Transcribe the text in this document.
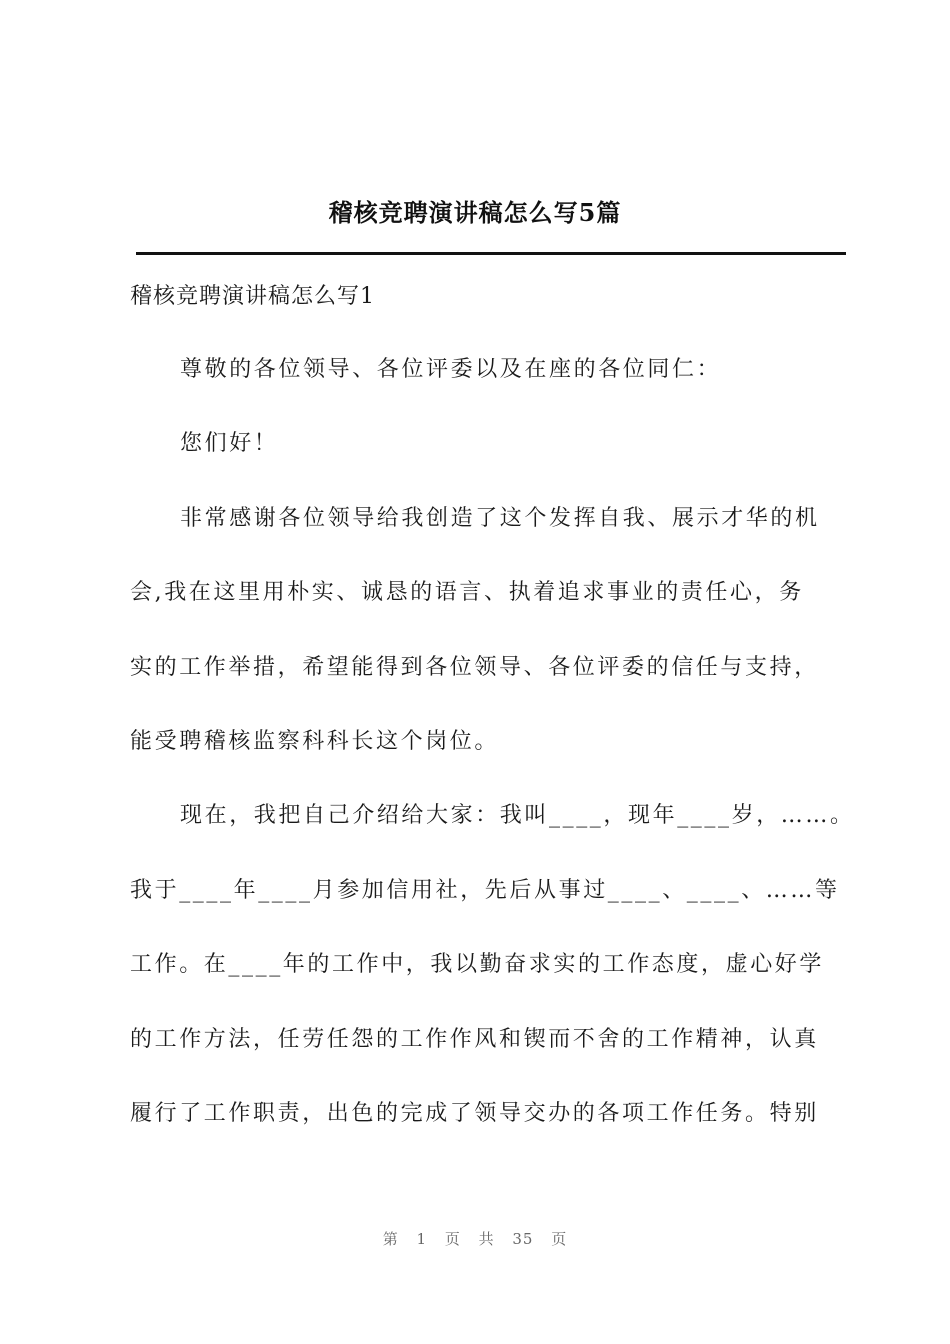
稽核竞聘演讲稿怎么写5篇
稽核竞聘演讲稿怎么写1
尊敬的各位领导、各位评委以及在座的各位同仁：
您们好！
非常感谢各位领导给我创造了这个发挥自我、展示才华的机
会,我在这里用朴实、诚恳的语言、执着追求事业的责任心，务
实的工作举措，希望能得到各位领导、各位评委的信任与支持，
能受聘稽核监察科科长这个岗位。
现在，我把自己介绍给大家：我叫____，现年____岁，……。
我于____年____月参加信用社，先后从事过____、____、……等
工作。在____年的工作中，我以勤奋求实的工作态度，虚心好学
的工作方法，任劳任怨的工作作风和锲而不舍的工作精神，认真
履行了工作职责，出色的完成了领导交办的各项工作任务。特别
第 1 页 共 35 页
